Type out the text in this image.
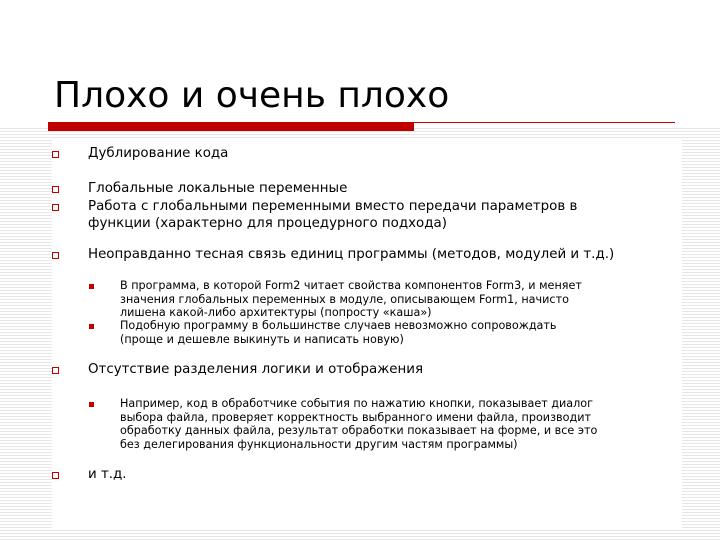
Плохо и очень плохо
Дублирование кода
Глобальные локальные переменные
Работа с глобальными переменными вместо передачи параметров в
функции (характерно для процедурного подхода)
Неоправданно тесная связь единиц программы (методов, модулей и т.д.)
В программа, в которой Form2 читает свойства компонентов Form3, и меняет
значения глобальных переменных в модуле, описывающем Form1, начисто
лишена какой-либо архитектуры (попросту «каша»)
Подобную программу в большинстве случаев невозможно сопровождать
(проще и дешевле выкинуть и написать новую)
Отсутствие разделения логики и отображения
Например, код в обработчике события по нажатию кнопки, показывает диалог
выбора файла, проверяет корректность выбранного имени файла, производит
обработку данных файла, результат обработки показывает на форме, и все это
без делегирования функциональности другим частям программы)
и т.д.
